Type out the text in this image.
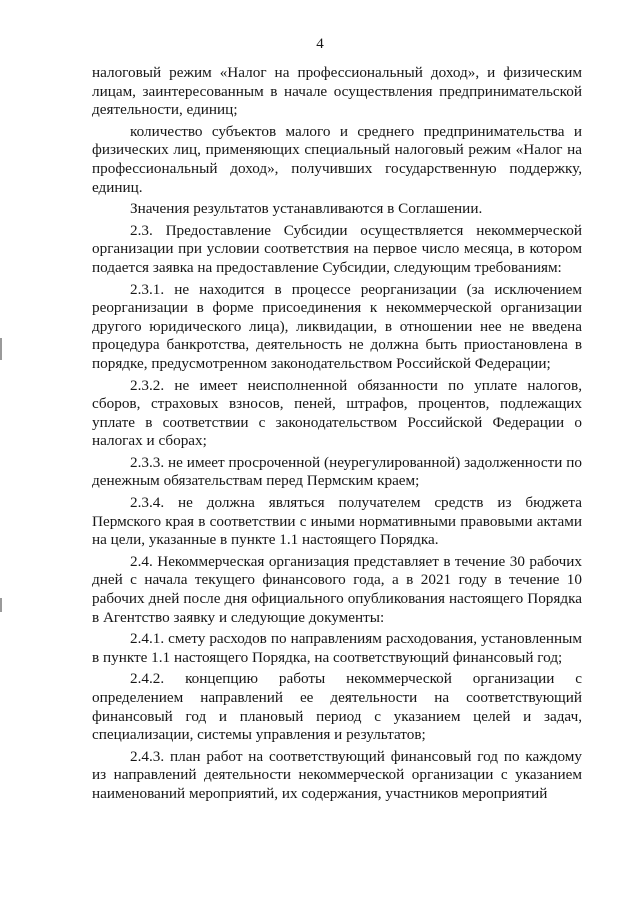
4

налоговый режим «Налог на профессиональный доход», и физическим лицам, заинтересованным в начале осуществления предпринимательской деятельности, единиц;

количество субъектов малого и среднего предпринимательства и физических лиц, применяющих специальный налоговый режим «Налог на профессиональный доход», получивших государственную поддержку, единиц.

Значения результатов устанавливаются в Соглашении.

2.3. Предоставление Субсидии осуществляется некоммерческой организации при условии соответствия на первое число месяца, в котором подается заявка на предоставление Субсидии, следующим требованиям:

2.3.1. не находится в процессе реорганизации (за исключением реорганизации в форме присоединения к некоммерческой организации другого юридического лица), ликвидации, в отношении нее не введена процедура банкротства, деятельность не должна быть приостановлена в порядке, предусмотренном законодательством Российской Федерации;

2.3.2. не имеет неисполненной обязанности по уплате налогов, сборов, страховых взносов, пеней, штрафов, процентов, подлежащих уплате в соответствии с законодательством Российской Федерации о налогах и сборах;

2.3.3. не имеет просроченной (неурегулированной) задолженности по денежным обязательствам перед Пермским краем;

2.3.4. не должна являться получателем средств из бюджета Пермского края в соответствии с иными нормативными правовыми актами на цели, указанные в пункте 1.1 настоящего Порядка.

2.4. Некоммерческая организация представляет в течение 30 рабочих дней с начала текущего финансового года, а в 2021 году в течение 10 рабочих дней после дня официального опубликования настоящего Порядка в Агентство заявку и следующие документы:

2.4.1. смету расходов по направлениям расходования, установленным в пункте 1.1 настоящего Порядка, на соответствующий финансовый год;

2.4.2. концепцию работы некоммерческой организации с определением направлений ее деятельности на соответствующий финансовый год и плановый период с указанием целей и задач, специализации, системы управления и результатов;

2.4.3. план работ на соответствующий финансовый год по каждому из направлений деятельности некоммерческой организации с указанием наименований мероприятий, их содержания, участников мероприятий
